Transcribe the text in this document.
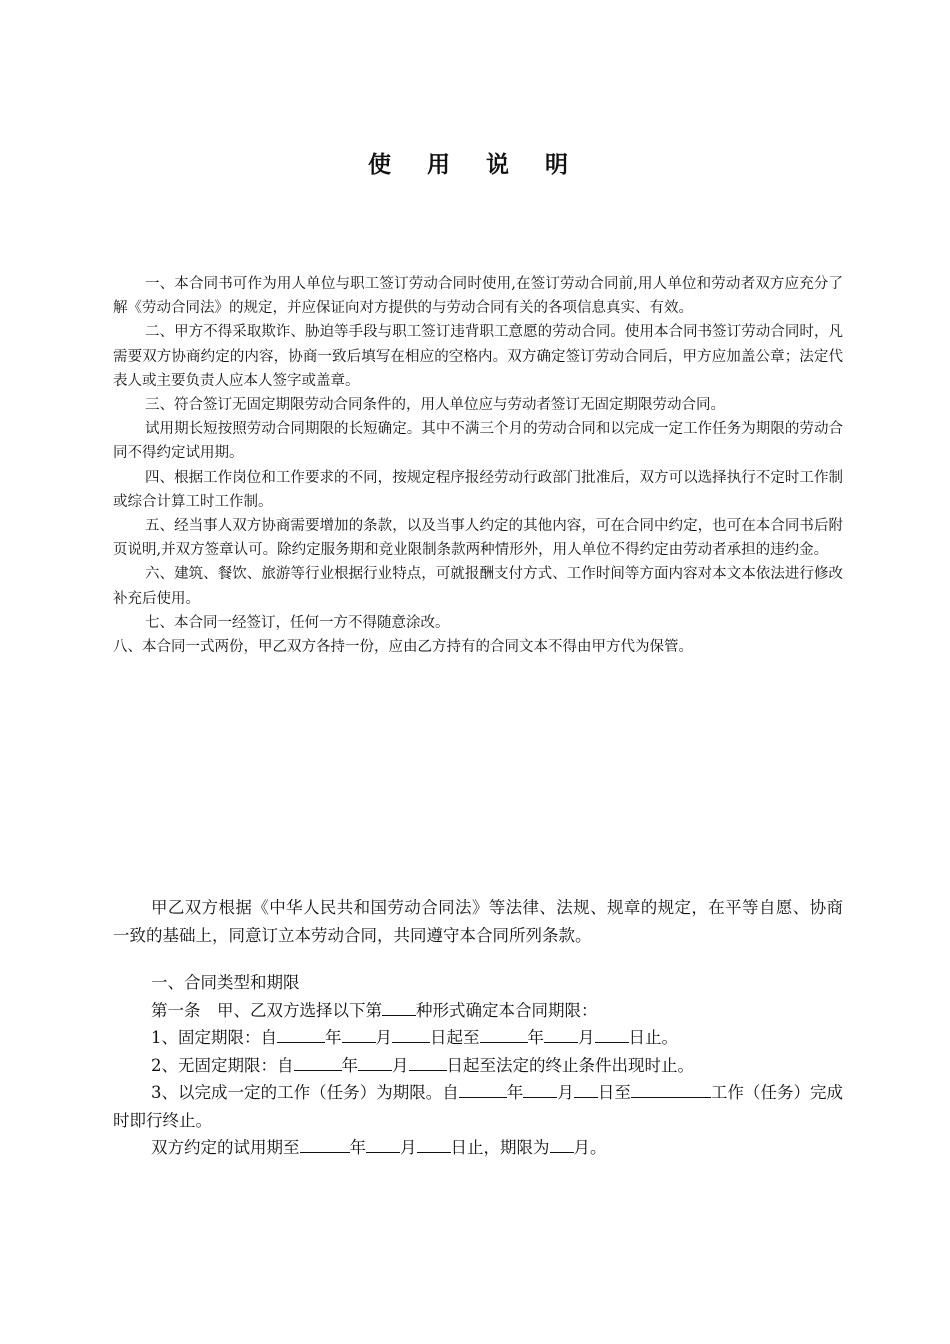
使 用 说 明

一、本合同书可作为用人单位与职工签订劳动合同时使用,在签订劳动合同前,用人单位和劳动者双方应充分了解《劳动合同法》的规定，并应保证向对方提供的与劳动合同有关的各项信息真实、有效。

二、甲方不得采取欺诈、胁迫等手段与职工签订违背职工意愿的劳动合同。使用本合同书签订劳动合同时，凡需要双方协商约定的内容，协商一致后填写在相应的空格内。双方确定签订劳动合同后，甲方应加盖公章；法定代表人或主要负责人应本人签字或盖章。

三、符合签订无固定期限劳动合同条件的，用人单位应与劳动者签订无固定期限劳动合同。

试用期长短按照劳动合同期限的长短确定。其中不满三个月的劳动合同和以完成一定工作任务为期限的劳动合同不得约定试用期。

四、根据工作岗位和工作要求的不同，按规定程序报经劳动行政部门批准后，双方可以选择执行不定时工作制或综合计算工时工作制。

五、经当事人双方协商需要增加的条款，以及当事人约定的其他内容，可在合同中约定，也可在本合同书后附页说明,并双方签章认可。除约定服务期和竞业限制条款两种情形外，用人单位不得约定由劳动者承担的违约金。

六、建筑、餐饮、旅游等行业根据行业特点，可就报酬支付方式、工作时间等方面内容对本文本依法进行修改补充后使用。

七、本合同一经签订，任何一方不得随意涂改。

八、本合同一式两份，甲乙双方各持一份，应由乙方持有的合同文本不得由甲方代为保管。

甲乙双方根据《中华人民共和国劳动合同法》等法律、法规、规章的规定，在平等自愿、协商一致的基础上，同意订立本劳动合同，共同遵守本合同所列条款。

一、合同类型和期限

第一条　甲、乙双方选择以下第 种形式确定本合同期限：

1、固定期限：自	年 月 日起至	年 月 日止。

2、无固定期限：自	年 月 日起至法定的终止条件出现时止。

3、以完成一定的工作（任务）为期限。自	年 月 日至	工作（任务）完成时即行终止。

双方约定的试用期至	年 月 日止，期限为 月。
